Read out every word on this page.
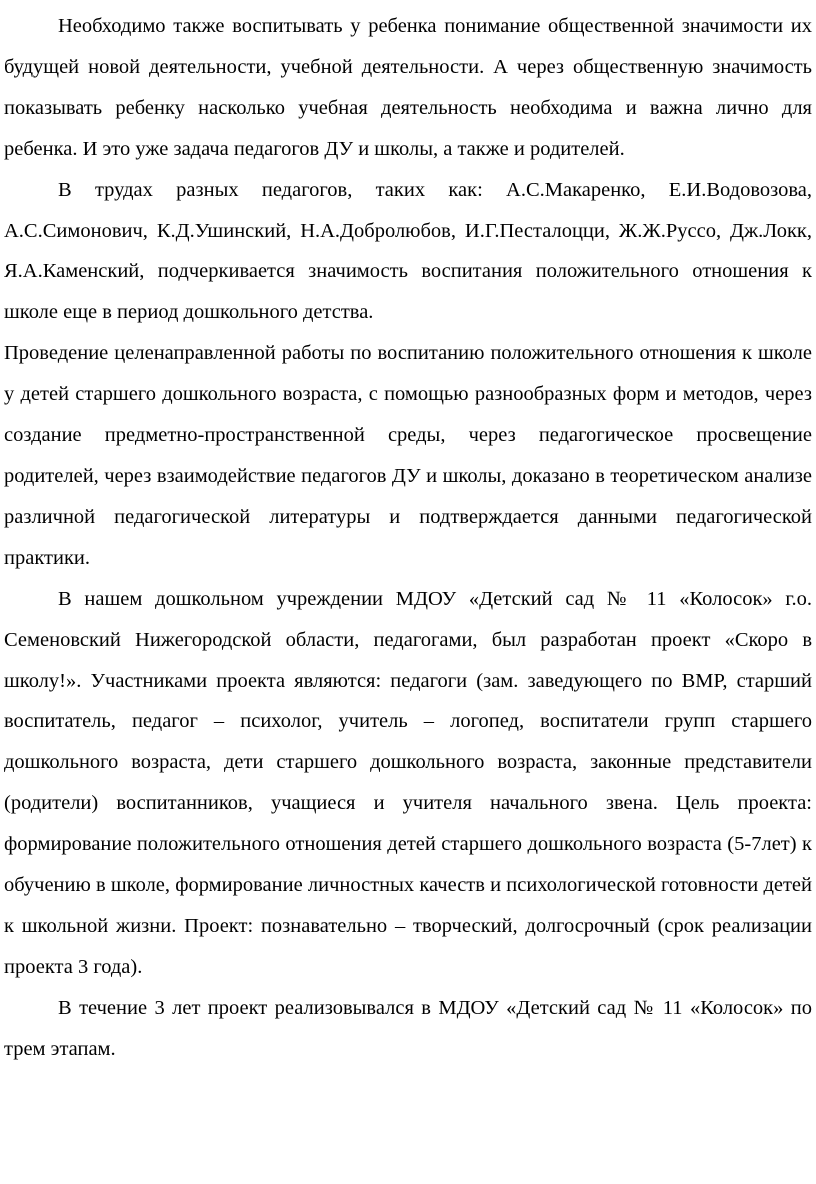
Необходимо также воспитывать у ребенка понимание общественной значимости их будущей новой деятельности, учебной деятельности. А через общественную значимость показывать ребенку насколько учебная деятельность необходима и важна лично для ребенка. И это уже задача педагогов ДУ и школы, а также и родителей.

В трудах разных педагогов, таких как: А.С.Макаренко, Е.И.Водовозова, А.С.Симонович, К.Д.Ушинский, Н.А.Добролюбов, И.Г.Песталоцци, Ж.Ж.Руссо, Дж.Локк, Я.А.Каменский, подчеркивается значимость воспитания положительного отношения к школе еще в период дошкольного детства.

Проведение целенаправленной работы по воспитанию положительного отношения к школе у детей старшего дошкольного возраста, с помощью разнообразных форм и методов, через создание предметно-пространственной среды, через педагогическое просвещение родителей, через взаимодействие педагогов ДУ и школы, доказано в теоретическом анализе различной педагогической литературы и подтверждается данными педагогической практики.

В нашем дошкольном учреждении МДОУ «Детский сад № 11 «Колосок» г.о. Семеновский Нижегородской области, педагогами, был разработан проект «Скоро в школу!». Участниками проекта являются: педагоги (зам. заведующего по ВМР, старший воспитатель, педагог – психолог, учитель – логопед, воспитатели групп старшего дошкольного возраста, дети старшего дошкольного возраста, законные представители (родители) воспитанников, учащиеся и учителя начального звена. Цель проекта: формирование положительного отношения детей старшего дошкольного возраста (5-7лет) к обучению в школе, формирование личностных качеств и психологической готовности детей к школьной жизни. Проект: познавательно – творческий, долгосрочный (срок реализации проекта 3 года).

В течение 3 лет проект реализовывался в МДОУ «Детский сад № 11 «Колосок» по трем этапам.
